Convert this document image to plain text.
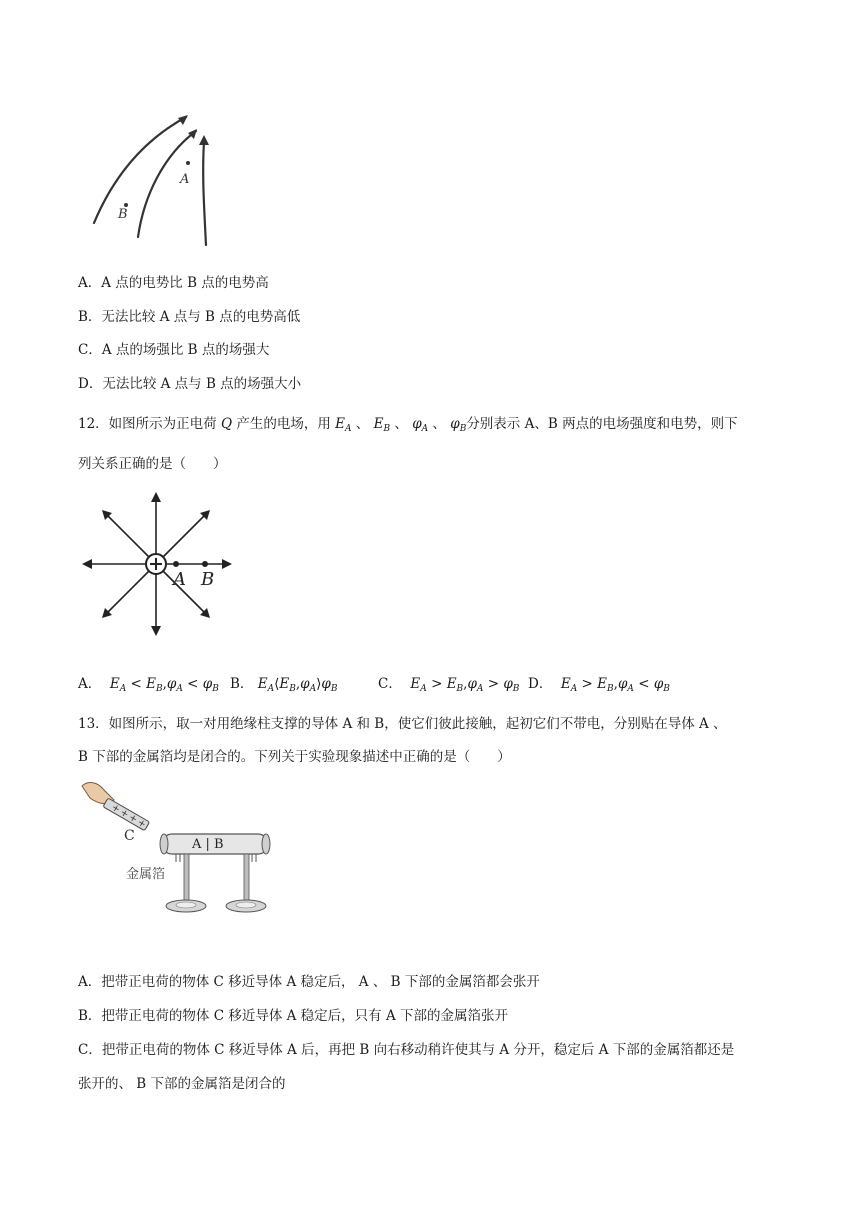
A
B
A．A 点的电势比 B 点的电势高
B．无法比较 A 点与 B 点的电势高低
C．A 点的场强比 B 点的场强大
D．无法比较 A 点与 B 点的场强大小
12．如图所示为正电荷 Q 产生的电场，用 $E_A$ 、 $E_B$ 、 $\varphi_A$ 、 $\varphi_B$分别表示 A、B 两点的电场强度和电势，则下
列关系正确的是（　　）
A B
A．  $E_A < E_B,\varphi_A < \varphi_B$ B． $E_A⟨E_B,\varphi_A⟩\varphi_B$	C．  $E_A > E_B,\varphi_A > \varphi_B$ D．  $E_A > E_B,\varphi_A < \varphi_B$
13．如图所示，取一对用绝缘柱支撑的导体 A 和 B，使它们彼此接触，起初它们不带电，分别贴在导体 A 、
B 下部的金属箔均是闭合的。下列关于实验现象描述中正确的是（　　）
C
A | B
金属箔
A．把带正电荷的物体 C 移近导体 A 稳定后， A 、 B 下部的金属箔都会张开
B．把带正电荷的物体 C 移近导体 A 稳定后，只有 A 下部的金属箔张开
C．把带正电荷的物体 C 移近导体 A 后，再把 B 向右移动稍许使其与 A 分开，稳定后 A 下部的金属箔都还是
张开的、 B 下部的金属箔是闭合的
